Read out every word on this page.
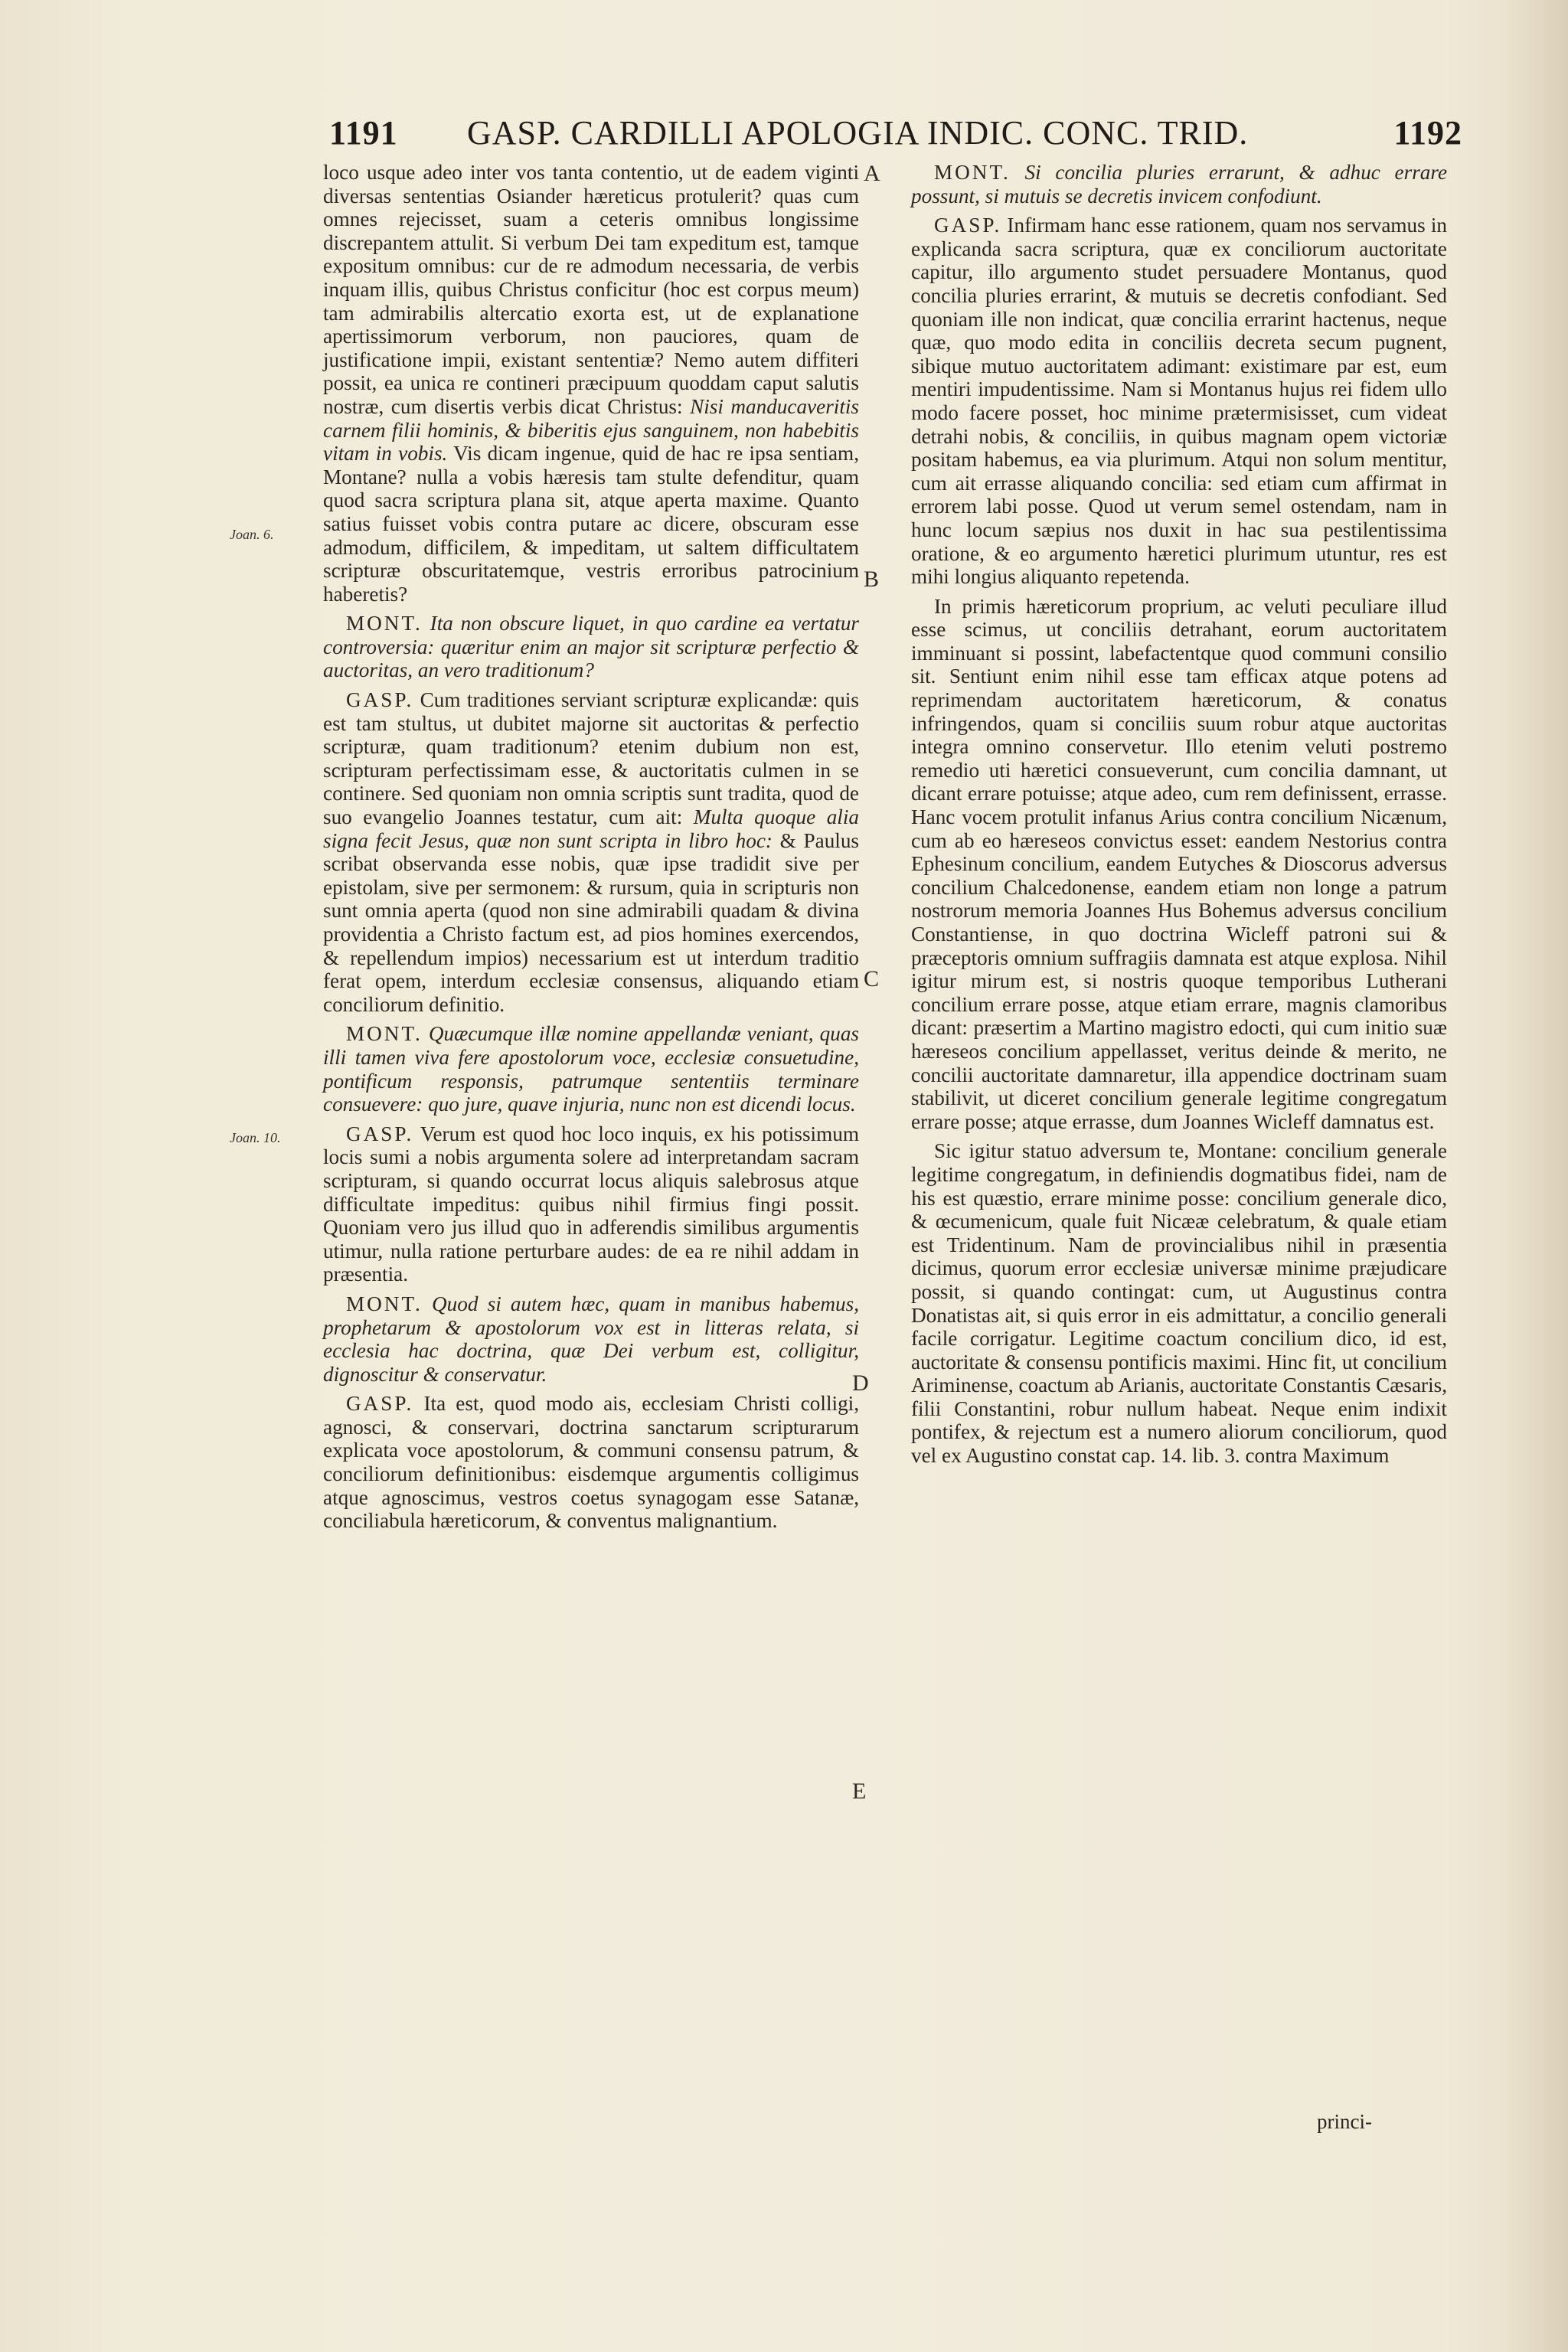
1191 GASP. CARDILLI APOLOGIA INDIC. CONC. TRID.	1192
Joan. 6.
Joan. 10.
A
B
C
D
E

loco usque adeo inter vos tanta contentio, ut de eadem viginti diversas sententias Osiander hæreticus protulerit? quas cum omnes rejecisset, suam a ceteris omnibus longissime discrepantem attulit. Si verbum Dei tam expeditum est, tamque expositum omnibus: cur de re admodum necessaria, de verbis inquam illis, quibus Christus conficitur (hoc est corpus meum) tam admirabilis altercatio exorta est, ut de explanatione apertissimorum verborum, non pauciores, quam de justificatione impii, existant sententiæ? Nemo autem diffiteri possit, ea unica re contineri præcipuum quoddam caput salutis nostræ, cum disertis verbis dicat Christus: Nisi manducaveritis carnem filii hominis, & biberitis ejus sanguinem, non habebitis vitam in vobis. Vis dicam ingenue, quid de hac re ipsa sentiam, Montane? nulla a vobis hæresis tam stulte defenditur, quam quod sacra scriptura plana sit, atque aperta maxime. Quanto satius fuisset vobis contra putare ac dicere, obscuram esse admodum, difficilem, & impeditam, ut saltem difficultatem scripturæ obscuritatemque, vestris erroribus patrocinium haberetis?

MONT. Ita non obscure liquet, in quo cardine ea vertatur controversia: quæritur enim an major sit scripturæ perfectio & auctoritas, an vero traditionum?

GASP. Cum traditiones serviant scripturæ explicandæ: quis est tam stultus, ut dubitet majorne sit auctoritas & perfectio scripturæ, quam traditionum? etenim dubium non est, scripturam perfectissimam esse, & auctoritatis culmen in se continere. Sed quoniam non omnia scriptis sunt tradita, quod de suo evangelio Joannes testatur, cum ait: Multa quoque alia signa fecit Jesus, quæ non sunt scripta in libro hoc: & Paulus scribat observanda esse nobis, quæ ipse tradidit sive per epistolam, sive per sermonem: & rursum, quia in scripturis non sunt omnia aperta (quod non sine admirabili quadam & divina providentia a Christo factum est, ad pios homines exercendos, & repellendum impios) necessarium est ut interdum traditio ferat opem, interdum ecclesiæ consensus, aliquando etiam conciliorum definitio.

MONT. Quæcumque illæ nomine appellandæ veniant, quas illi tamen viva fere apostolorum voce, ecclesiæ consuetudine, pontificum responsis, patrumque sententiis terminare consuevere: quo jure, quave injuria, nunc non est dicendi locus.

GASP. Verum est quod hoc loco inquis, ex his potissimum locis sumi a nobis argumenta solere ad interpretandam sacram scripturam, si quando occurrat locus aliquis salebrosus atque difficultate impeditus: quibus nihil firmius fingi possit. Quoniam vero jus illud quo in adferendis similibus argumentis utimur, nulla ratione perturbare audes: de ea re nihil addam in præsentia.

MONT. Quod si autem hæc, quam in manibus habemus, prophetarum & apostolorum vox est in litteras relata, si ecclesia hac doctrina, quæ Dei verbum est, colligitur, dignoscitur & conservatur.

GASP. Ita est, quod modo ais, ecclesiam Christi colligi, agnosci, & conservari, doctrina sanctarum scripturarum explicata voce apostolorum, & communi consensu patrum, & conciliorum definitionibus: eisdemque argumentis colligimus atque agnoscimus, vestros coetus synagogam esse Satanæ, conciliabula hæreticorum, & conventus malignantium.

MONT. Si concilia pluries errarunt, & adhuc errare possunt, si mutuis se decretis invicem confodiunt.

GASP. Infirmam hanc esse rationem, quam nos servamus in explicanda sacra scriptura, quæ ex conciliorum auctoritate capitur, illo argumento studet persuadere Montanus, quod concilia pluries errarint, & mutuis se decretis confodiant. Sed quoniam ille non indicat, quæ concilia errarint hactenus, neque quæ, quo modo edita in conciliis decreta secum pugnent, sibique mutuo auctoritatem adimant: existimare par est, eum mentiri impudentissime. Nam si Montanus hujus rei fidem ullo modo facere posset, hoc minime prætermisisset, cum videat detrahi nobis, & conciliis, in quibus magnam opem victoriæ positam habemus, ea via plurimum. Atqui non solum mentitur, cum ait errasse aliquando concilia: sed etiam cum affirmat in errorem labi posse. Quod ut verum semel ostendam, nam in hunc locum sæpius nos duxit in hac sua pestilentissima oratione, & eo argumento hæretici plurimum utuntur, res est mihi longius aliquanto repetenda.

In primis hæreticorum proprium, ac veluti peculiare illud esse scimus, ut conciliis detrahant, eorum auctoritatem imminuant si possint, labefactentque quod communi consilio sit. Sentiunt enim nihil esse tam efficax atque potens ad reprimendam auctoritatem hæreticorum, & conatus infringendos, quam si conciliis suum robur atque auctoritas integra omnino conservetur. Illo etenim veluti postremo remedio uti hæretici consueverunt, cum concilia damnant, ut dicant errare potuisse; atque adeo, cum rem definissent, errasse. Hanc vocem protulit infanus Arius contra concilium Nicænum, cum ab eo hæreseos convictus esset: eandem Nestorius contra Ephesinum concilium, eandem Eutyches & Dioscorus adversus concilium Chalcedonense, eandem etiam non longe a patrum nostrorum memoria Joannes Hus Bohemus adversus concilium Constantiense, in quo doctrina Wicleff patroni sui & præceptoris omnium suffragiis damnata est atque explosa. Nihil igitur mirum est, si nostris quoque temporibus Lutherani concilium errare posse, atque etiam errare, magnis clamoribus dicant: præsertim a Martino magistro edocti, qui cum initio suæ hæreseos concilium appellasset, veritus deinde & merito, ne concilii auctoritate damnaretur, illa appendice doctrinam suam stabilivit, ut diceret concilium generale legitime congregatum errare posse; atque errasse, dum Joannes Wicleff damnatus est.

Sic igitur statuo adversum te, Montane: concilium generale legitime congregatum, in definiendis dogmatibus fidei, nam de his est quæstio, errare minime posse: concilium generale dico, & œcumenicum, quale fuit Nicææ celebratum, & quale etiam est Tridentinum. Nam de provincialibus nihil in præsentia dicimus, quorum error ecclesiæ universæ minime præjudicare possit, si quando contingat: cum, ut Augustinus contra Donatistas ait, si quis error in eis admittatur, a concilio generali facile corrigatur. Legitime coactum concilium dico, id est, auctoritate & consensu pontificis maximi. Hinc fit, ut concilium Ariminense, coactum ab Arianis, auctoritate Constantis Cæsaris, filii Constantini, robur nullum habeat. Neque enim indixit pontifex, & rejectum est a numero aliorum conciliorum, quod vel ex Augustino constat cap. 14. lib. 3. contra Maximum

princi-
